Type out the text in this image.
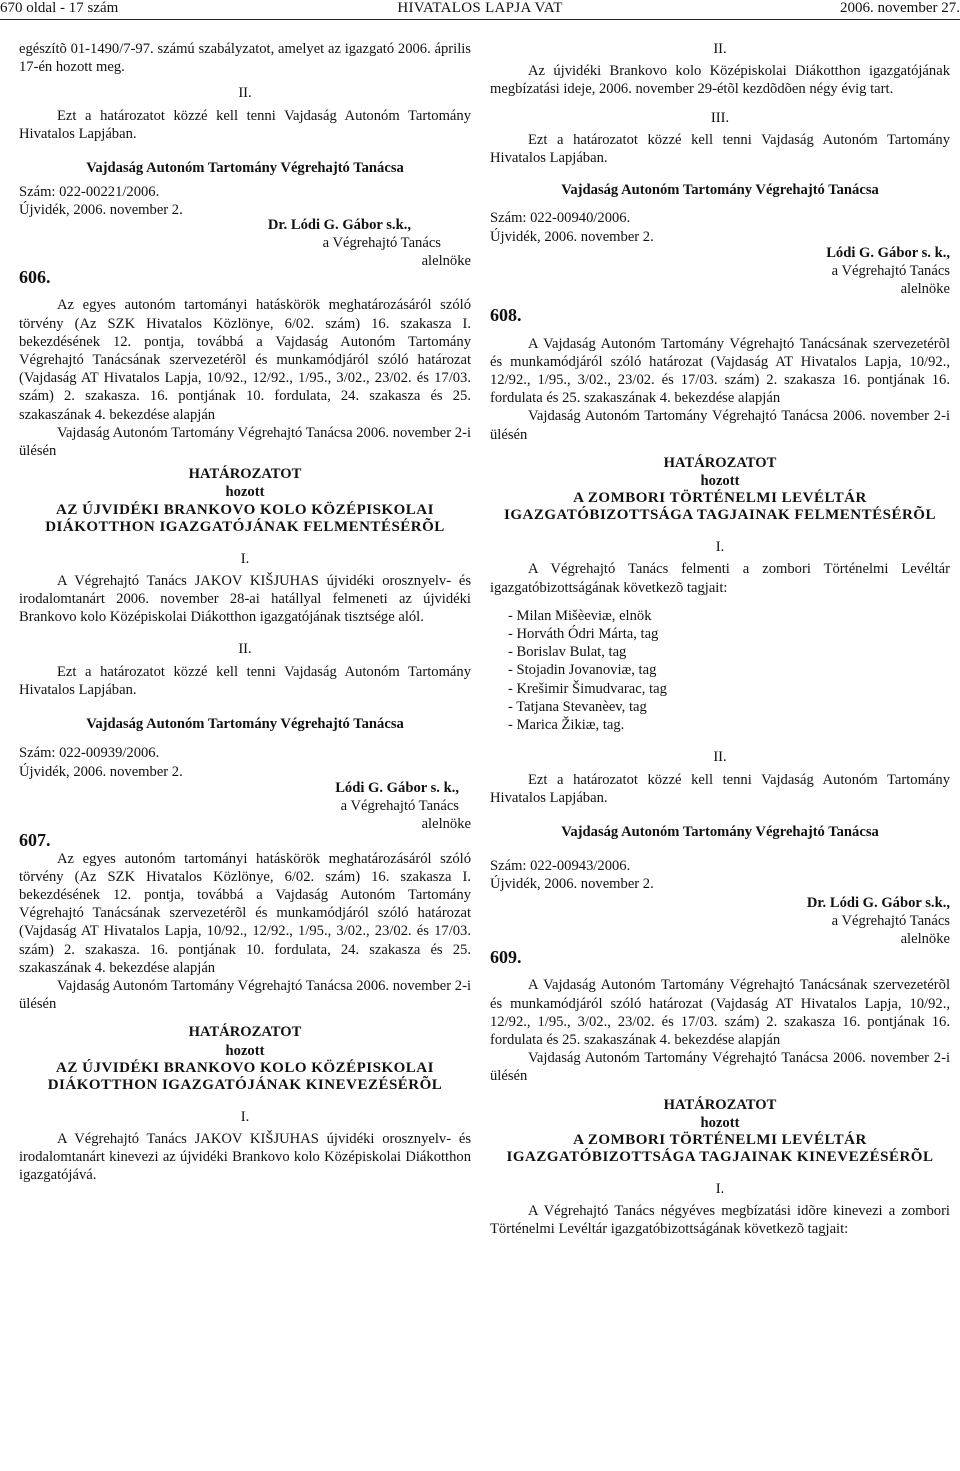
670 oldal - 17 szám	HIVATALOS LAPJA VAT	2006. november 27.

egészítõ 01-1490/7-97. számú szabályzatot, amelyet az igazgató 2006. április 17-én hozott meg.

II.

Ezt a határozatot közzé kell tenni Vajdaság Autonóm Tartomány Hivatalos Lapjában.

Vajdaság Autonóm Tartomány Végrehajtó Tanácsa

Szám: 022-00221/2006.

Újvidék, 2006. november 2.

Dr. Lódi G. Gábor s.k.,

a Végrehajtó Tanács

alelnöke

606.

Az egyes autonóm tartományi hatáskörök meghatározásáról szóló törvény (Az SZK Hivatalos Közlönye, 6/02. szám) 16. szakasza I. bekezdésének 12. pontja, továbbá a Vajdaság Autonóm Tartomány Végrehajtó Tanácsának szervezetérõl és munkamódjáról szóló határozat (Vajdaság AT Hivatalos Lapja, 10/92., 12/92., 1/95., 3/02., 23/02. és 17/03. szám) 2. szakasza. 16. pontjának 10. fordulata, 24. szakasza és 25. szakaszának 4. bekezdése alapján

Vajdaság Autonóm Tartomány Végrehajtó Tanácsa 2006. november 2-i ülésén

HATÁROZATOT

hozott

AZ ÚJVIDÉKI BRANKOVO KOLO KÖZÉPISKOLAI

DIÁKOTTHON IGAZGATÓJÁNAK FELMENTÉSÉRÕL

I.

A Végrehajtó Tanács JAKOV KIŠJUHAS újvidéki orosznyelv- és irodalomtanárt 2006. november 28-ai hatállyal felmeneti az újvidéki Brankovo kolo Középiskolai Diákotthon igazgatójának tisztsége alól.

II.

Ezt a határozatot közzé kell tenni Vajdaság Autonóm Tartomány Hivatalos Lapjában.

Vajdaság Autonóm Tartomány Végrehajtó Tanácsa

Szám: 022-00939/2006.

Újvidék, 2006. november 2.

Lódi G. Gábor s. k.,

a Végrehajtó Tanács

alelnöke

607.

Az egyes autonóm tartományi hatáskörök meghatározásáról szóló törvény (Az SZK Hivatalos Közlönye, 6/02. szám) 16. szakasza I. bekezdésének 12. pontja, továbbá a Vajdaság Autonóm Tartomány Végrehajtó Tanácsának szervezetérõl és munkamódjáról szóló határozat (Vajdaság AT Hivatalos Lapja, 10/92., 12/92., 1/95., 3/02., 23/02. és 17/03. szám) 2. szakasza. 16. pontjának 10. fordulata, 24. szakasza és 25. szakaszának 4. bekezdése alapján

Vajdaság Autonóm Tartomány Végrehajtó Tanácsa 2006. november 2-i ülésén

HATÁROZATOT

hozott

AZ ÚJVIDÉKI BRANKOVO KOLO KÖZÉPISKOLAI

DIÁKOTTHON IGAZGATÓJÁNAK KINEVEZÉSÉRÕL

I.

A Végrehajtó Tanács JAKOV KIŠJUHAS újvidéki orosznyelv- és irodalomtanárt kinevezi az újvidéki Brankovo kolo Középiskolai Diákotthon igazgatójává.

II.

Az újvidéki Brankovo kolo Középiskolai Diákotthon igazgatójának megbízatási ideje, 2006. november 29-étõl kezdõdõen négy évig tart.

III.

Ezt a határozatot közzé kell tenni Vajdaság Autonóm Tartomány Hivatalos Lapjában.

Vajdaság Autonóm Tartomány Végrehajtó Tanácsa

Szám: 022-00940/2006.

Újvidék, 2006. november 2.

Lódi G. Gábor s. k.,

a Végrehajtó Tanács

alelnöke

608.

A Vajdaság Autonóm Tartomány Végrehajtó Tanácsának szervezetérõl és munkamódjáról szóló határozat (Vajdaság AT Hivatalos Lapja, 10/92., 12/92., 1/95., 3/02., 23/02. és 17/03. szám) 2. szakasza 16. pontjának 16. fordulata és 25. szakaszának 4. bekezdése alapján

Vajdaság Autonóm Tartomány Végrehajtó Tanácsa 2006. november 2-i ülésén

HATÁROZATOT

hozott

A ZOMBORI TÖRTÉNELMI LEVÉLTÁR

IGAZGATÓBIZOTTSÁGA TAGJAINAK FELMENTÉSÉRÕL

I.

A Végrehajtó Tanács felmenti a zombori Történelmi Levéltár igazgatóbizottságának következõ tagjait:

- Milan Mišèeviæ, elnök
- Horváth Ódri Márta, tag
- Borislav Bulat, tag
- Stojadin Jovanoviæ, tag
- Krešimir Šimudvarac, tag
- Tatjana Stevanèev, tag
- Marica Žikiæ, tag.

II.

Ezt a határozatot közzé kell tenni Vajdaság Autonóm Tartomány Hivatalos Lapjában.

Vajdaság Autonóm Tartomány Végrehajtó Tanácsa

Szám: 022-00943/2006.

Újvidék, 2006. november 2.

Dr. Lódi G. Gábor s.k.,

a Végrehajtó Tanács

alelnöke

609.

A Vajdaság Autonóm Tartomány Végrehajtó Tanácsának szervezetérõl és munkamódjáról szóló határozat (Vajdaság AT Hivatalos Lapja, 10/92., 12/92., 1/95., 3/02., 23/02. és 17/03. szám) 2. szakasza 16. pontjának 16. fordulata és 25. szakaszának 4. bekezdése alapján

Vajdaság Autonóm Tartomány Végrehajtó Tanácsa 2006. november 2-i ülésén

HATÁROZATOT

hozott

A ZOMBORI TÖRTÉNELMI LEVÉLTÁR

IGAZGATÓBIZOTTSÁGA TAGJAINAK KINEVEZÉSÉRÕL

I.

A Végrehajtó Tanács négyéves megbízatási idõre kinevezi a zombori Történelmi Levéltár igazgatóbizottságának következõ tagjait:
